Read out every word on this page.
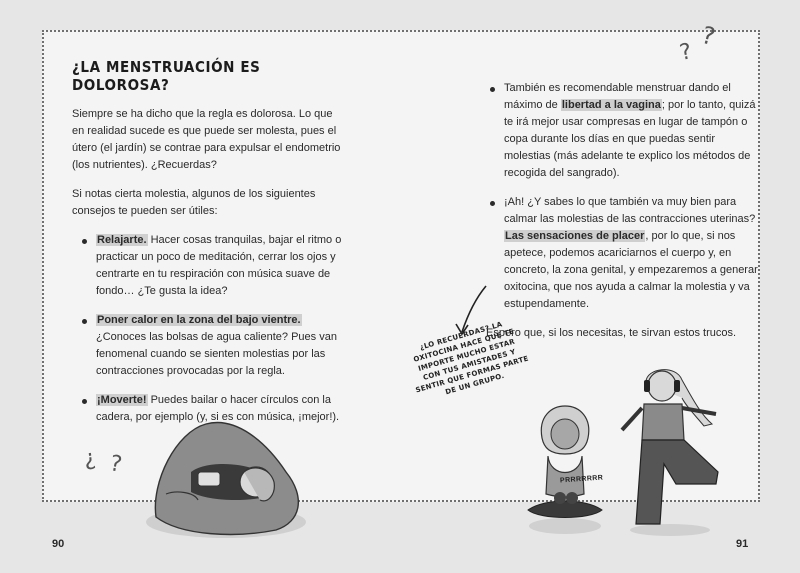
¿LA MENSTRUACIÓN ES DOLOROSA?

Siempre se ha dicho que la regla es dolorosa. Lo que en realidad sucede es que puede ser molesta, pues el útero (el jardín) se contrae para expulsar el endometrio (los nutrientes). ¿Recuerdas?

Si notas cierta molestia, algunos de los siguientes consejos te pueden ser útiles:

Relajarte. Hacer cosas tranquilas, bajar el ritmo o practicar un poco de meditación, cerrar los ojos y centrarte en tu respiración con música suave de fondo… ¿Te gusta la idea?
Poner calor en la zona del bajo vientre. ¿Conoces las bolsas de agua caliente? Pues van fenomenal cuando se sienten molestias por las contracciones provocadas por la regla.
¡Moverte! Puedes bailar o hacer círculos con la cadera, por ejemplo (y, si es con música, ¡mejor!).
También es recomendable menstruar dando el máximo de libertad a la vagina; por lo tanto, quizá te irá mejor usar compresas en lugar de tampón o copa durante los días en que puedas sentir molestias (más adelante te explico los métodos de recogida del sangrado).
¡Ah! ¿Y sabes lo que también va muy bien para calmar las molestias de las contracciones uterinas? Las sensaciones de placer, por lo que, si nos apetece, podemos acariciarnos el cuerpo y, en concreto, la zona genital, y empezaremos a generar oxitocina, que nos ayuda a calmar la molestia y va estupendamente.

Espero que, si los necesitas, te sirvan estos trucos.

?
?
¿ ?
¿LO RECUERDAS? LA OXITOCINA HACE QUE TE IMPORTE MUCHO ESTAR CON TUS AMISTADES Y SENTIR QUE FORMAS PARTE DE UN GRUPO.
PRRRRRRR
90	91
